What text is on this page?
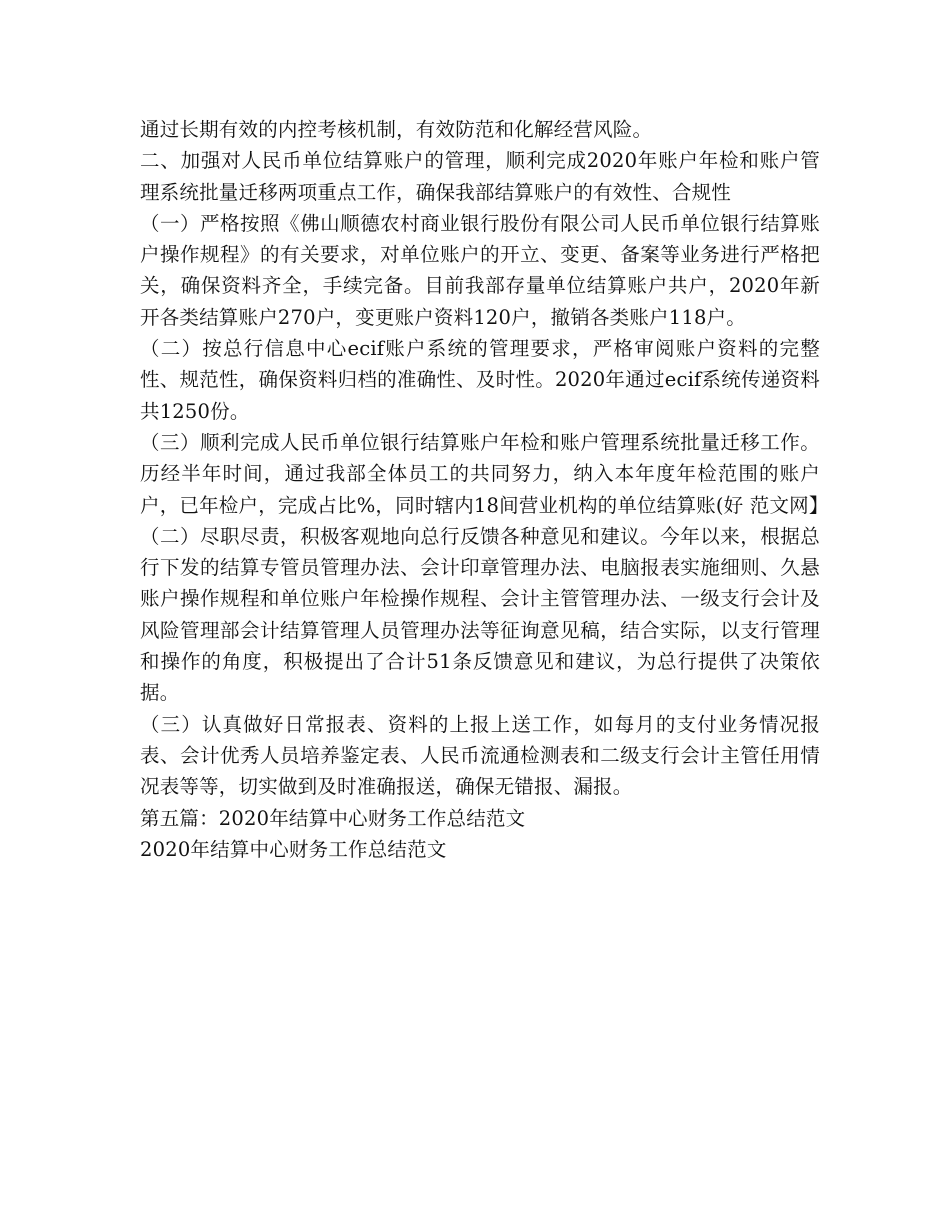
通过长期有效的内控考核机制，有效防范和化解经营风险。

二、加强对人民币单位结算账户的管理，顺利完成2020年账户年检和账户管理系统批量迁移两项重点工作，确保我部结算账户的有效性、合规性

（一）严格按照《佛山顺德农村商业银行股份有限公司人民币单位银行结算账户操作规程》的有关要求，对单位账户的开立、变更、备案等业务进行严格把关，确保资料齐全，手续完备。目前我部存量单位结算账户共户，2020年新开各类结算账户270户，变更账户资料120户，撤销各类账户118户。

（二）按总行信息中心ecif账户系统的管理要求，严格审阅账户资料的完整性、规范性，确保资料归档的准确性、及时性。2020年通过ecif系统传递资料共1250份。

（三）顺利完成人民币单位银行结算账户年检和账户管理系统批量迁移工作。历经半年时间，通过我部全体员工的共同努力，纳入本年度年检范围的账户户，已年检户，完成占比%，同时辖内18间营业机构的单位结算账(好 范文网】

（二）尽职尽责，积极客观地向总行反馈各种意见和建议。今年以来，根据总行下发的结算专管员管理办法、会计印章管理办法、电脑报表实施细则、久悬账户操作规程和单位账户年检操作规程、会计主管管理办法、一级支行会计及风险管理部会计结算管理人员管理办法等征询意见稿，结合实际，以支行管理和操作的角度，积极提出了合计51条反馈意见和建议，为总行提供了决策依据。

（三）认真做好日常报表、资料的上报上送工作，如每月的支付业务情况报表、会计优秀人员培养鉴定表、人民币流通检测表和二级支行会计主管任用情况表等等，切实做到及时准确报送，确保无错报、漏报。

第五篇：2020年结算中心财务工作总结范文

2020年结算中心财务工作总结范文
